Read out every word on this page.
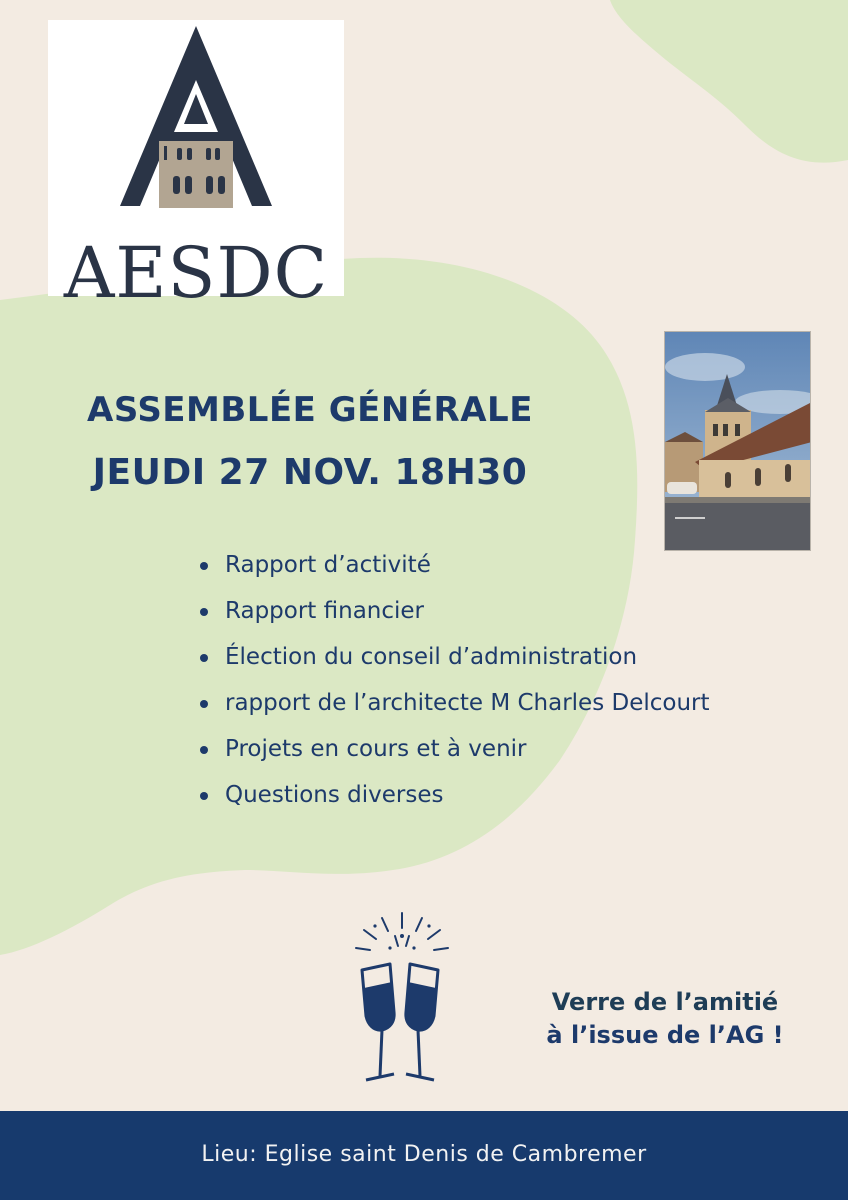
AESDC
ASSEMBLÉE GÉNÉRALE
JEUDI 27 NOV. 18H30
Rapport d’activité
Rapport financier
Élection du conseil d’administration
rapport de l’architecte M Charles Delcourt
Projets en cours et à venir
Questions diverses
Verre de l’amitié
à l’issue de l’AG !
Lieu: Eglise saint Denis de Cambremer
